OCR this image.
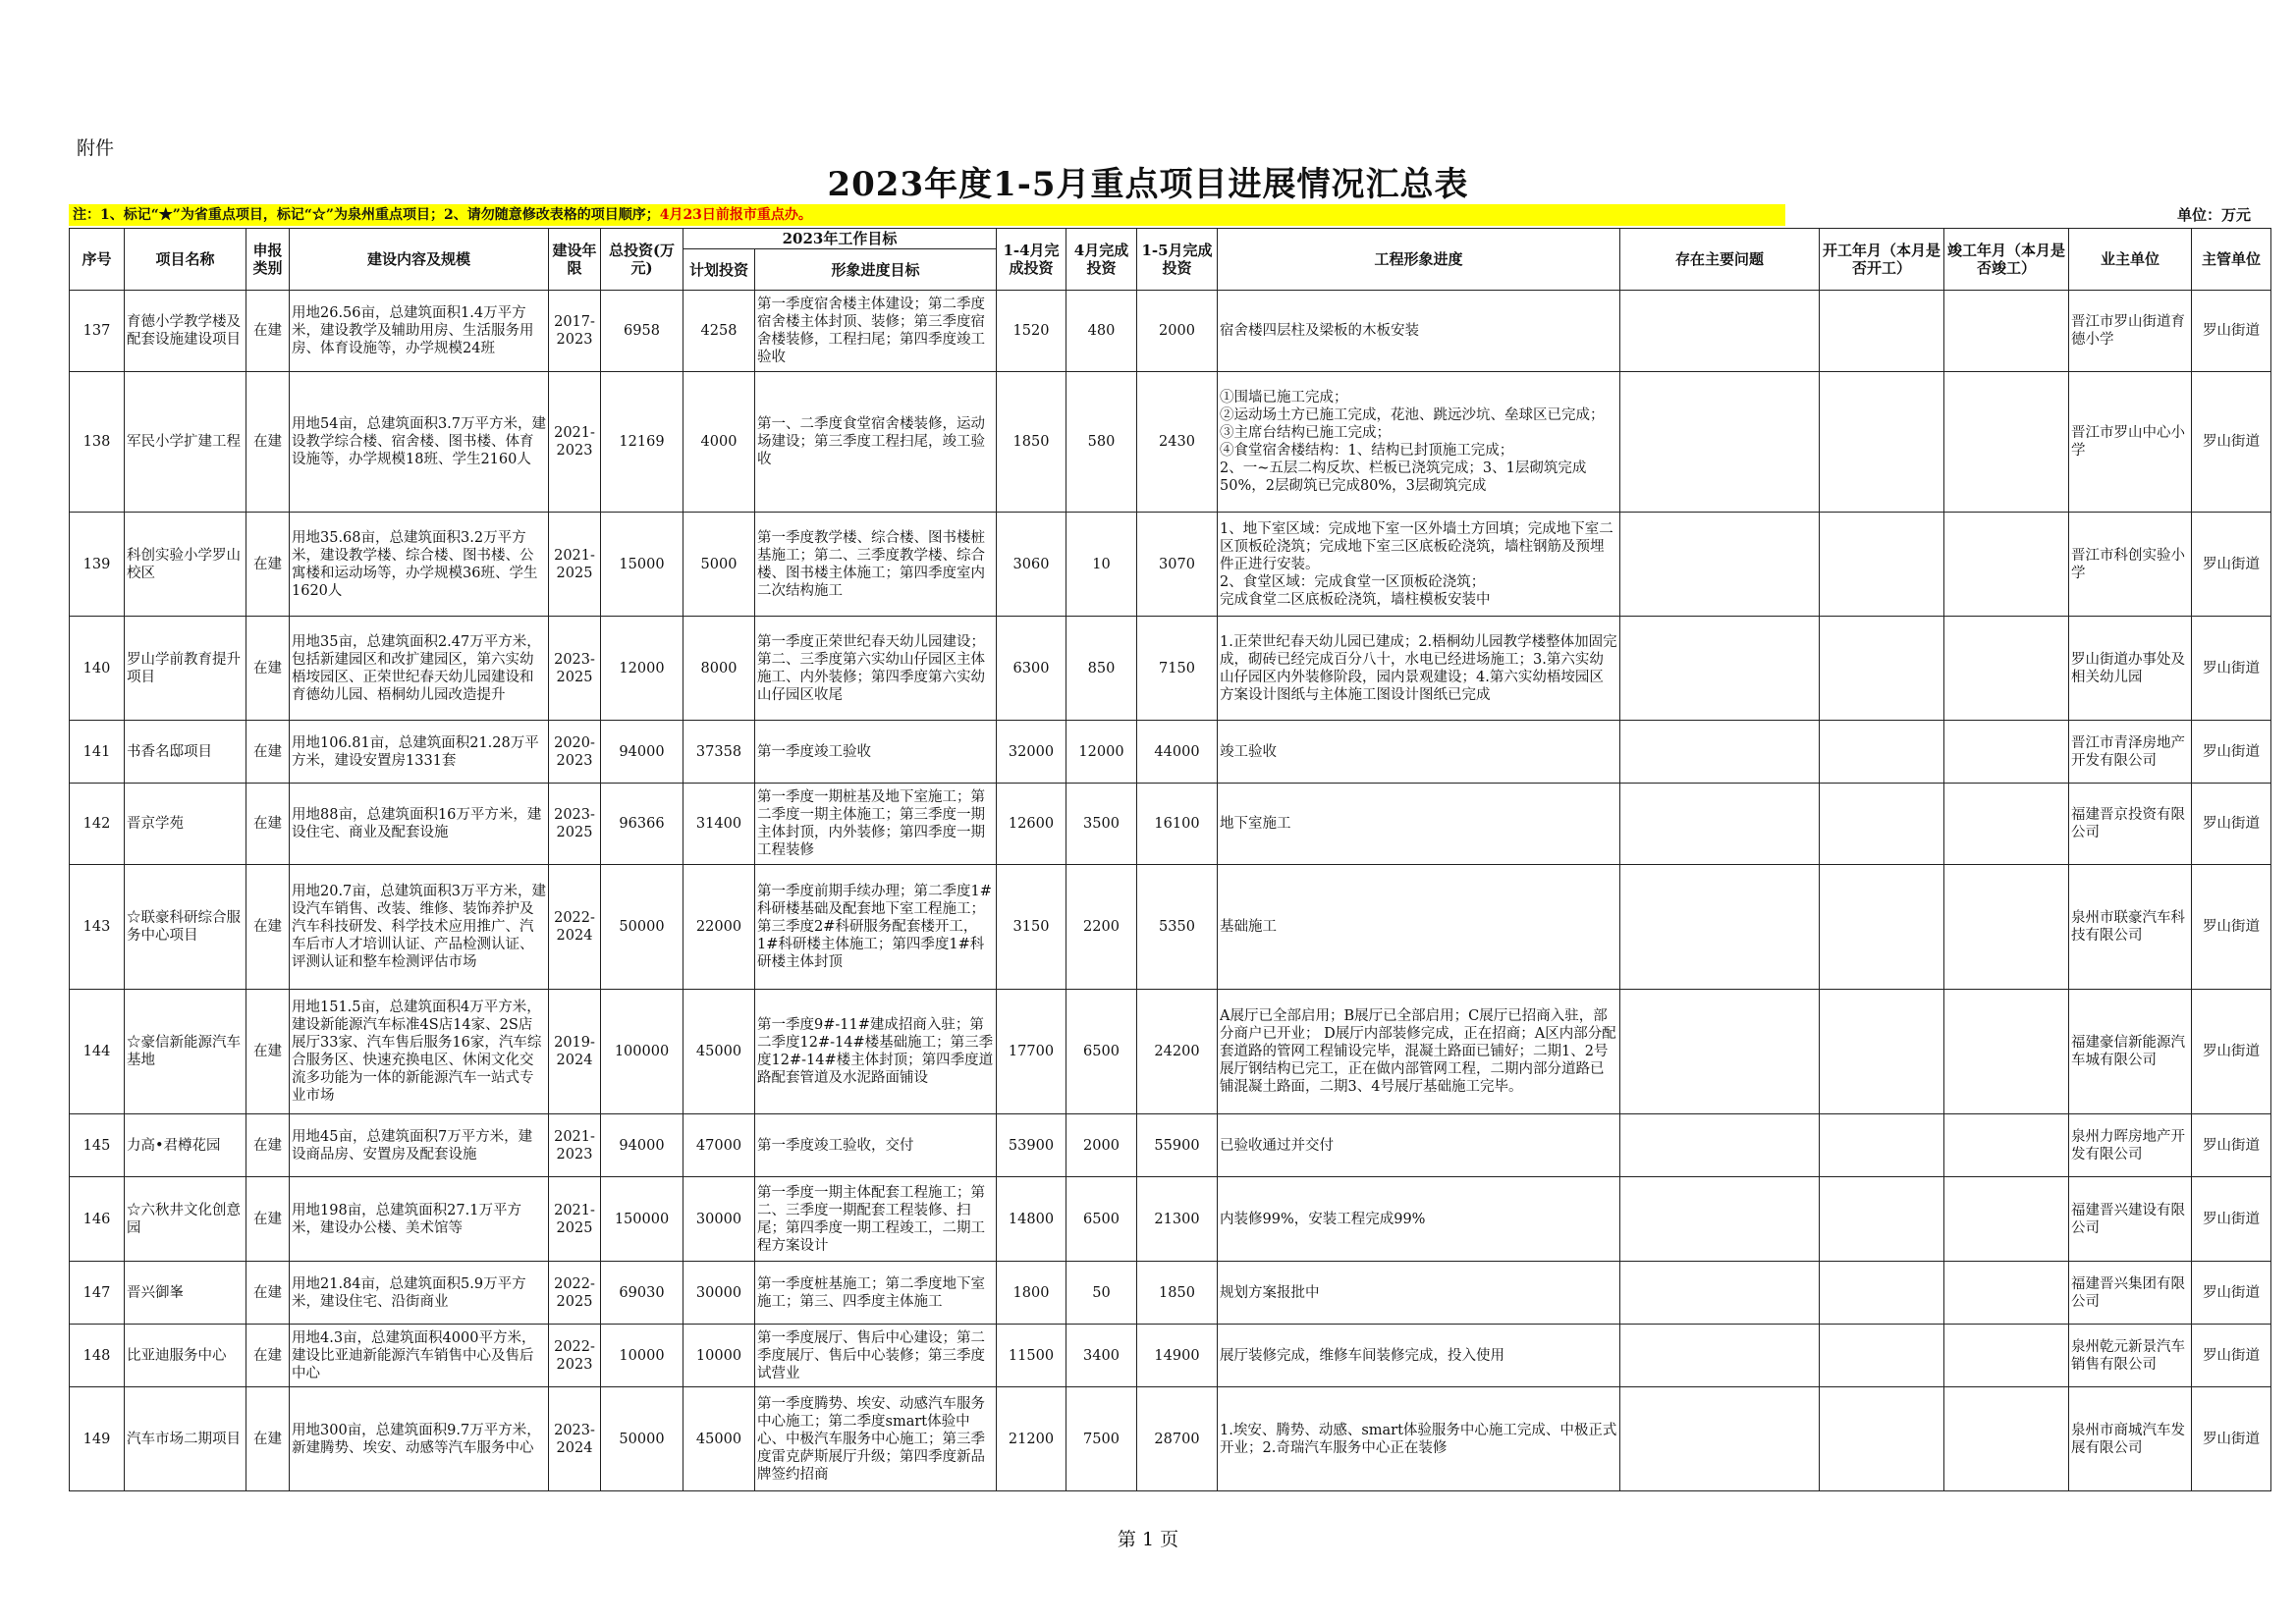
附件
2023年度1-5月重点项目进展情况汇总表
注：1、标记“★”为省重点项目，标记“☆”为泉州重点项目；2、请勿随意修改表格的项目顺序；4月23日前报市重点办。	单位：万元
序号	项目名称	申报类别	建设内容及规模	建设年限	总投资(万元)	2023年工作目标		1-4月完成投资	4月完成投资	1-5月完成投资	工程形象进度	存在主要问题	开工年月（本月是否开工）	竣工年月（本月是否竣工）	业主单位	主管单位
						计划投资	形象进度目标									

137	育德小学教学楼及配套设施建设项目	在建	用地26.56亩，总建筑面积1.4万平方米，建设教学及辅助用房、生活服务用房、体育设施等，办学规模24班	2017-2023	6958	4258	第一季度宿舍楼主体建设；第二季度宿舍楼主体封顶、装修；第三季度宿舍楼装修，工程扫尾；第四季度竣工验收	1520	480	2000	宿舍楼四层柱及梁板的木板安装				晋江市罗山街道育德小学	罗山街道

138	军民小学扩建工程	在建	用地54亩，总建筑面积3.7万平方米，建设教学综合楼、宿舍楼、图书楼、体育设施等，办学规模18班、学生2160人	2021-2023	12169	4000	第一、二季度食堂宿舍楼装修，运动场建设；第三季度工程扫尾，竣工验收	1850	580	2430	①围墙已施工完成；
②运动场土方已施工完成，花池、跳远沙坑、垒球区已完成；
③主席台结构已施工完成；
④食堂宿舍楼结构：1、结构已封顶施工完成；
2、一~五层二构反坎、栏板已浇筑完成；3、1层砌筑完成50%，2层砌筑已完成80%，3层砌筑完成				晋江市罗山中心小学	罗山街道

139	科创实验小学罗山校区	在建	用地35.68亩，总建筑面积3.2万平方米，建设教学楼、综合楼、图书楼、公寓楼和运动场等，办学规模36班、学生1620人	2021-2025	15000	5000	第一季度教学楼、综合楼、图书楼桩基施工；第二、三季度教学楼、综合楼、图书楼主体施工；第四季度室内二次结构施工	3060	10	3070	1、地下室区域：完成地下室一区外墙土方回填；完成地下室二区顶板砼浇筑；完成地下室三区底板砼浇筑，墙柱钢筋及预埋件正进行安装。
2、食堂区域：完成食堂一区顶板砼浇筑；
完成食堂二区底板砼浇筑，墙柱模板安装中				晋江市科创实验小学	罗山街道

140	罗山学前教育提升项目	在建	用地35亩，总建筑面积2.47万平方米，包括新建园区和改扩建园区，第六实幼梧垵园区、正荣世纪春天幼儿园建设和育德幼儿园、梧桐幼儿园改造提升	2023-2025	12000	8000	第一季度正荣世纪春天幼儿园建设；第二、三季度第六实幼山仔园区主体施工、内外装修；第四季度第六实幼山仔园区收尾	6300	850	7150	1.正荣世纪春天幼儿园已建成；2.梧桐幼儿园教学楼整体加固完成，砌砖已经完成百分八十，水电已经进场施工；3.第六实幼山仔园区内外装修阶段，园内景观建设；4.第六实幼梧垵园区方案设计图纸与主体施工图设计图纸已完成				罗山街道办事处及相关幼儿园	罗山街道

141	书香名邸项目	在建	用地106.81亩，总建筑面积21.28万平方米，建设安置房1331套	2020-2023	94000	37358	第一季度竣工验收	32000	12000	44000	竣工验收				晋江市青泽房地产开发有限公司	罗山街道

142	晋京学苑	在建	用地88亩，总建筑面积16万平方米，建设住宅、商业及配套设施	2023-2025	96366	31400	第一季度一期桩基及地下室施工；第二季度一期主体施工；第三季度一期主体封顶，内外装修；第四季度一期工程装修	12600	3500	16100	地下室施工				福建晋京投资有限公司	罗山街道

143	☆联豪科研综合服务中心项目	在建	用地20.7亩，总建筑面积3万平方米，建设汽车销售、改装、维修、装饰养护及汽车科技研发、科学技术应用推广、汽车后市人才培训认证、产品检测认证、评测认证和整车检测评估市场	2022-2024	50000	22000	第一季度前期手续办理；第二季度1#科研楼基础及配套地下室工程施工；第三季度2#科研服务配套楼开工，1#科研楼主体施工；第四季度1#科研楼主体封顶	3150	2200	5350	基础施工				泉州市联豪汽车科技有限公司	罗山街道

144	☆豪信新能源汽车基地	在建	用地151.5亩，总建筑面积4万平方米，建设新能源汽车标准4S店14家、2S店展厅33家、汽车售后服务16家，汽车综合服务区、快速充换电区、休闲文化交流多功能为一体的新能源汽车一站式专业市场	2019-2024	100000	45000	第一季度9#-11#建成招商入驻；第二季度12#-14#楼基础施工；第三季度12#-14#楼主体封顶；第四季度道路配套管道及水泥路面铺设	17700	6500	24200	A展厅已全部启用；B展厅已全部启用；C展厅已招商入驻，部分商户已开业； D展厅内部装修完成，正在招商；A区内部分配套道路的管网工程铺设完毕，混凝土路面已铺好；二期1、2号展厅钢结构已完工，正在做内部管网工程，二期内部分道路已铺混凝土路面，二期3、4号展厅基础施工完毕。				福建豪信新能源汽车城有限公司	罗山街道

145	力高•君樽花园	在建	用地45亩，总建筑面积7万平方米，建设商品房、安置房及配套设施	2021-2023	94000	47000	第一季度竣工验收，交付	53900	2000	55900	已验收通过并交付				泉州力晖房地产开发有限公司	罗山街道

146	☆六秋井文化创意园	在建	用地198亩，总建筑面积27.1万平方米，建设办公楼、美术馆等	2021-2025	150000	30000	第一季度一期主体配套工程施工；第二、三季度一期配套工程装修、扫尾；第四季度一期工程竣工，二期工程方案设计	14800	6500	21300	内装修99%，安装工程完成99%				福建晋兴建设有限公司	罗山街道

147	晋兴御峯	在建	用地21.84亩，总建筑面积5.9万平方米，建设住宅、沿街商业	2022-2025	69030	30000	第一季度桩基施工；第二季度地下室施工；第三、四季度主体施工	1800	50	1850	规划方案报批中				福建晋兴集团有限公司	罗山街道

148	比亚迪服务中心	在建	用地4.3亩，总建筑面积4000平方米，建设比亚迪新能源汽车销售中心及售后中心	2022-2023	10000	10000	第一季度展厅、售后中心建设；第二季度展厅、售后中心装修；第三季度试营业	11500	3400	14900	展厅装修完成，维修车间装修完成，投入使用				泉州乾元新景汽车销售有限公司	罗山街道

149	汽车市场二期项目	在建	用地300亩，总建筑面积9.7万平方米，新建腾势、埃安、动感等汽车服务中心	2023-2024	50000	45000	第一季度腾势、埃安、动感汽车服务中心施工；第二季度smart体验中心、中极汽车服务中心施工；第三季度雷克萨斯展厅升级；第四季度新品牌签约招商	21200	7500	28700	1.埃安、腾势、动感、smart体验服务中心施工完成、中极正式开业；2.奇瑞汽车服务中心正在装修				泉州市商城汽车发展有限公司	罗山街道
第 1 页
